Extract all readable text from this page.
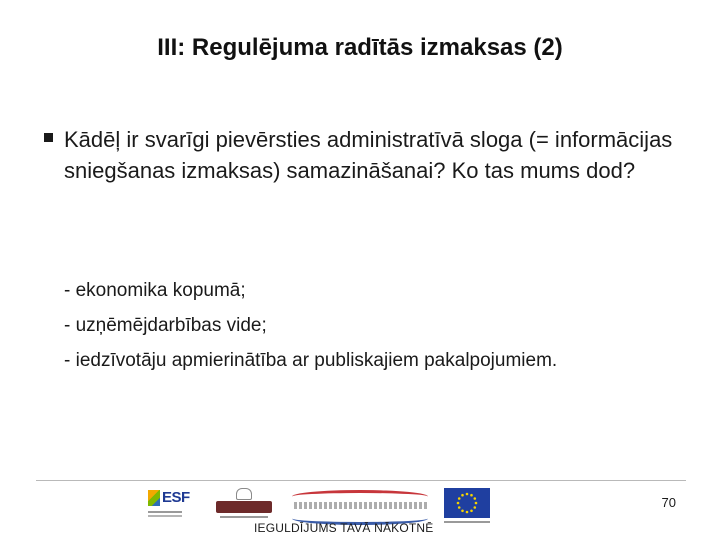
III: Regulējuma radītās izmaksas (2)
Kādēļ ir svarīgi pievērsties administratīvā sloga (= informācijas sniegšanas izmaksas) samazināšanai? Ko tas mums dod?
- ekonomika kopumā;
- uzņēmējdarbības vide;
- iedzīvotāju apmierinātība ar publiskajiem pakalpojumiem.
ESF	70
IEGULDĪJUMS TAVĀ NĀKOTNĒ
